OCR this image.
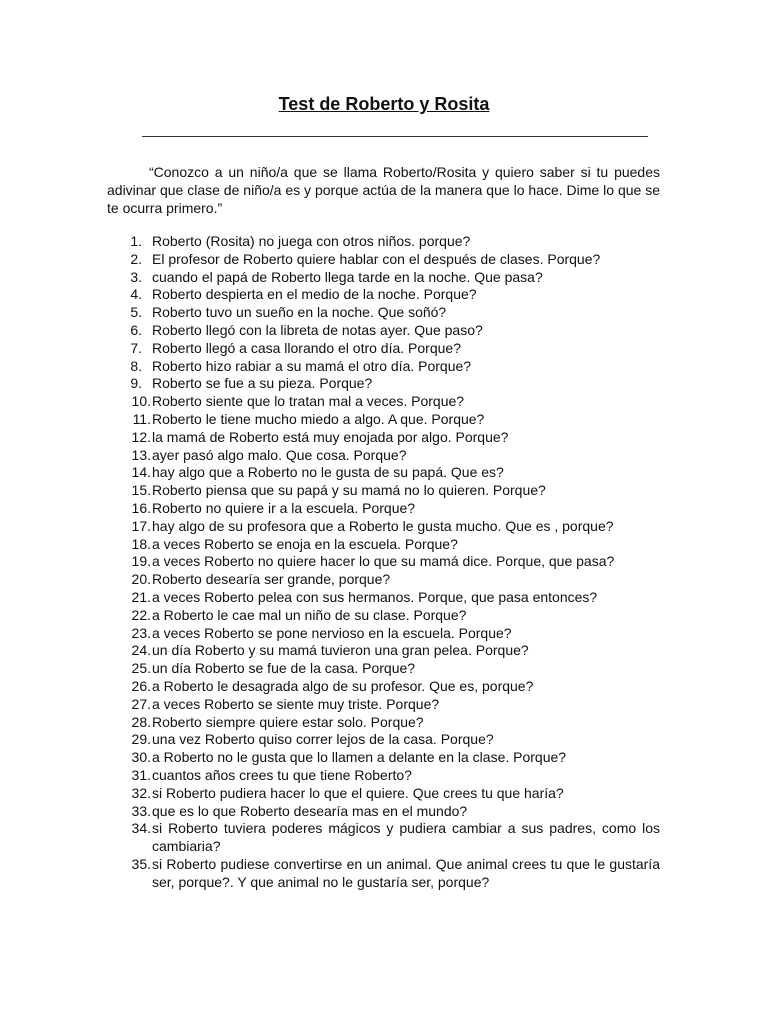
Test de Roberto y Rosita

“Conozco a un niño/a que se llama Roberto/Rosita y quiero saber si tu puedes adivinar que clase de niño/a es y porque actúa de la manera que lo hace. Dime lo que se te ocurra primero.”

1. Roberto (Rosita) no juega con otros niños. porque?
2. El profesor de Roberto quiere hablar con el después de clases. Porque?
3. cuando el papá de Roberto llega tarde en la noche. Que pasa?
4. Roberto despierta en el medio de la noche. Porque?
5. Roberto tuvo un sueño en la noche. Que soñó?
6. Roberto llegó con la libreta de notas ayer. Que paso?
7. Roberto llegó a casa llorando el otro día. Porque?
8. Roberto hizo rabiar a su mamá el otro día. Porque?
9. Roberto se fue a su pieza. Porque?
10. Roberto siente que lo tratan mal a veces. Porque?
11. Roberto le tiene mucho miedo a algo. A que. Porque?
12. la mamá de Roberto está muy enojada por algo. Porque?
13. ayer pasó algo malo. Que cosa. Porque?
14. hay algo que a Roberto no le gusta de su papá. Que es?
15. Roberto piensa que su papá y su mamá no lo quieren. Porque?
16. Roberto no quiere ir a la escuela. Porque?
17. hay algo de su profesora que a Roberto le gusta mucho. Que es , porque?
18. a veces Roberto se enoja en la escuela. Porque?
19. a veces Roberto no quiere hacer lo que su mamá dice. Porque, que pasa?
20. Roberto desearía ser grande, porque?
21. a veces Roberto pelea con sus hermanos. Porque, que pasa entonces?
22. a Roberto le cae mal un niño de su clase. Porque?
23. a veces Roberto se pone nervioso en la escuela. Porque?
24. un día Roberto y su mamá tuvieron una gran pelea. Porque?
25. un día Roberto se fue de la casa. Porque?
26. a Roberto le desagrada algo de su profesor. Que es, porque?
27. a veces Roberto se siente muy triste. Porque?
28. Roberto siempre quiere estar solo. Porque?
29. una vez Roberto quiso correr lejos de la casa. Porque?
30. a Roberto no le gusta que lo llamen a delante en la clase. Porque?
31. cuantos años crees tu que tiene Roberto?
32. si Roberto pudiera hacer lo que el quiere. Que crees tu que haría?
33. que es lo que Roberto desearía mas en el mundo?
34. si Roberto tuviera poderes mágicos y pudiera cambiar a sus padres, como los cambiaria?
35. si Roberto pudiese convertirse en un animal. Que animal crees tu que le gustaría ser, porque?. Y que animal no le gustaría ser, porque?
